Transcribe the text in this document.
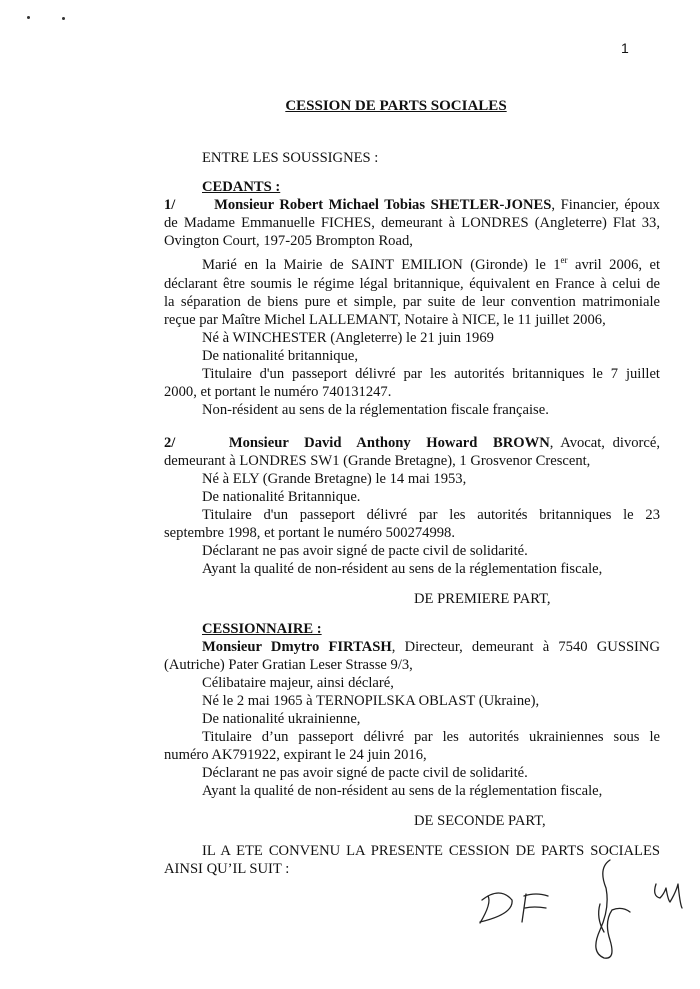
1
CESSION DE PARTS SOCIALES
ENTRE LES SOUSSIGNES :
CEDANTS :
1/	Monsieur Robert Michael Tobias SHETLER-JONES, Financier, époux
de Madame Emmanuelle FICHES, demeurant à LONDRES (Angleterre) Flat 33,
Ovington Court, 197-205 Brompton Road,
Marié en la Mairie de SAINT EMILION (Gironde) le 1er avril 2006, et
déclarant être soumis le régime légal britannique, équivalent en France à celui de
la séparation de biens pure et simple, par suite de leur convention matrimoniale
reçue par Maître Michel LALLEMANT, Notaire à NICE, le 11 juillet 2006,
Né à WINCHESTER (Angleterre) le 21 juin 1969
De nationalité britannique,
Titulaire d'un passeport délivré par les autorités britanniques le 7 juillet
2000, et portant le numéro 740131247.
Non-résident au sens de la réglementation fiscale française.
2/	Monsieur David Anthony Howard BROWN, Avocat, divorcé,
demeurant à LONDRES SW1 (Grande Bretagne), 1 Grosvenor Crescent,
Né à ELY (Grande Bretagne) le 14 mai 1953,
De nationalité Britannique.
Titulaire d'un passeport délivré par les autorités britanniques le 23
septembre 1998, et portant le numéro 500274998.
Déclarant ne pas avoir signé de pacte civil de solidarité.
Ayant la qualité de non-résident au sens de la réglementation fiscale,
DE PREMIERE PART,
CESSIONNAIRE :
Monsieur Dmytro FIRTASH, Directeur, demeurant à 7540 GUSSING
(Autriche) Pater Gratian Leser Strasse 9/3,
Célibataire majeur, ainsi déclaré,
Né le 2 mai 1965 à TERNOPILSKA OBLAST (Ukraine),
De nationalité ukrainienne,
Titulaire d’un passeport délivré par les autorités ukrainiennes sous le
numéro AK791922, expirant le 24 juin 2016,
Déclarant ne pas avoir signé de pacte civil de solidarité.
Ayant la qualité de non-résident au sens de la réglementation fiscale,
DE SECONDE PART,
IL A ETE CONVENU LA PRESENTE CESSION DE PARTS SOCIALES
AINSI QU’IL SUIT :
